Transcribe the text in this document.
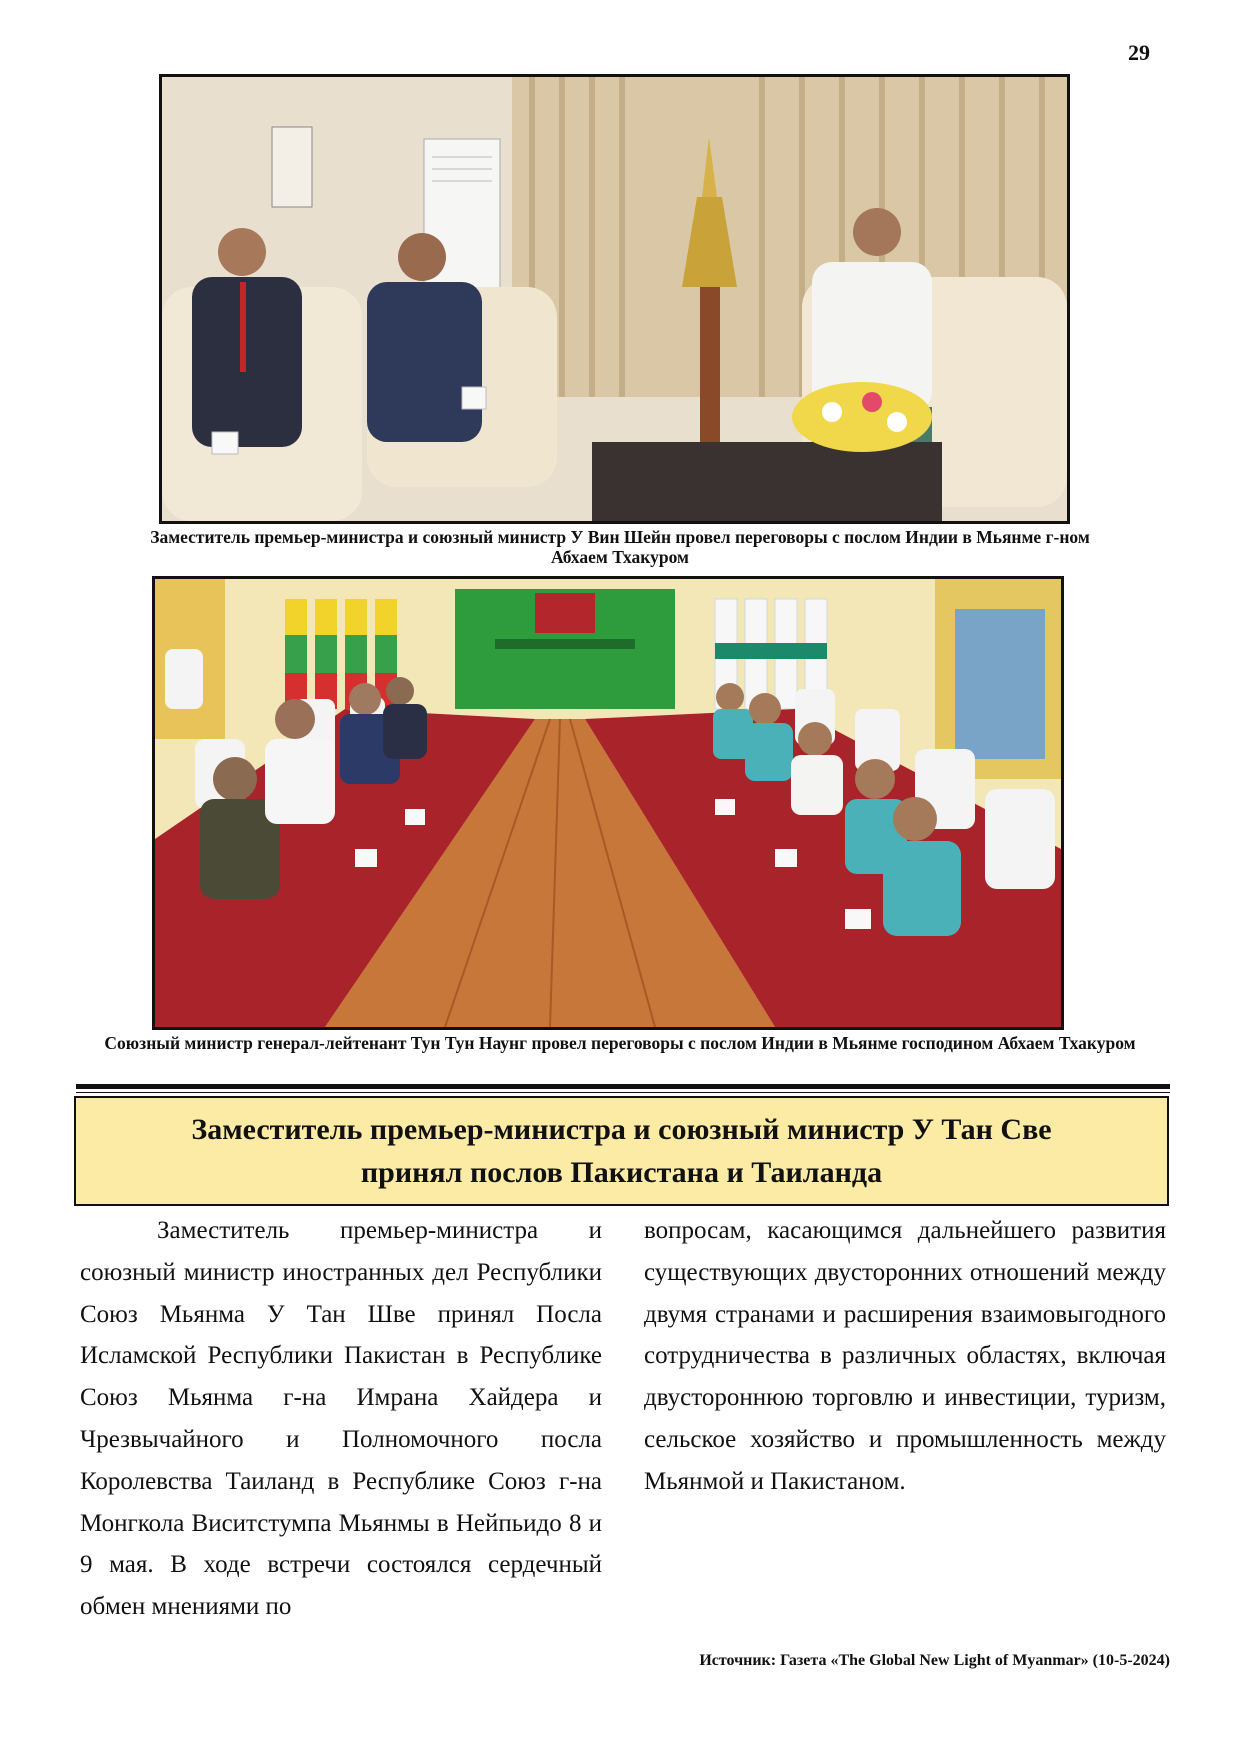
29
Заместитель премьер-министра и союзный министр У Вин Шейн провел переговоры с послом Индии в Мьянме г-ном Абхаем Тхакуром
Союзный министр генерал-лейтенант Тун Тун Наунг провел переговоры с послом Индии в Мьянме господином Абхаем Тхакуром
Заместитель премьер-министра и союзный министр У Тан Све
принял послов Пакистана и Таиланда

Заместитель премьер-министра и союзный министр иностранных дел Республики Союз Мьянма У Тан Шве принял Посла Исламской Республики Пакистан в Республике Союз Мьянма г-на Имрана Хайдера и Чрезвычайного и Полномочного посла Королевства Таиланд в Республике Союз г-на Монгкола Виситстумпа Мьянмы в Нейпьидо 8 и 9 мая. В ходе встречи состоялся сердечный обмен мнениями по

вопросам, касающимся дальнейшего развития существующих двусторонних отношений между двумя странами и расширения взаимовыгодного сотрудничества в различных областях, включая двустороннюю торговлю и инвестиции, туризм, сельское хозяйство и промышленность между Мьянмой и Пакистаном.

Источник: Газета «The Global New Light of Myanmar» (10-5-2024)
